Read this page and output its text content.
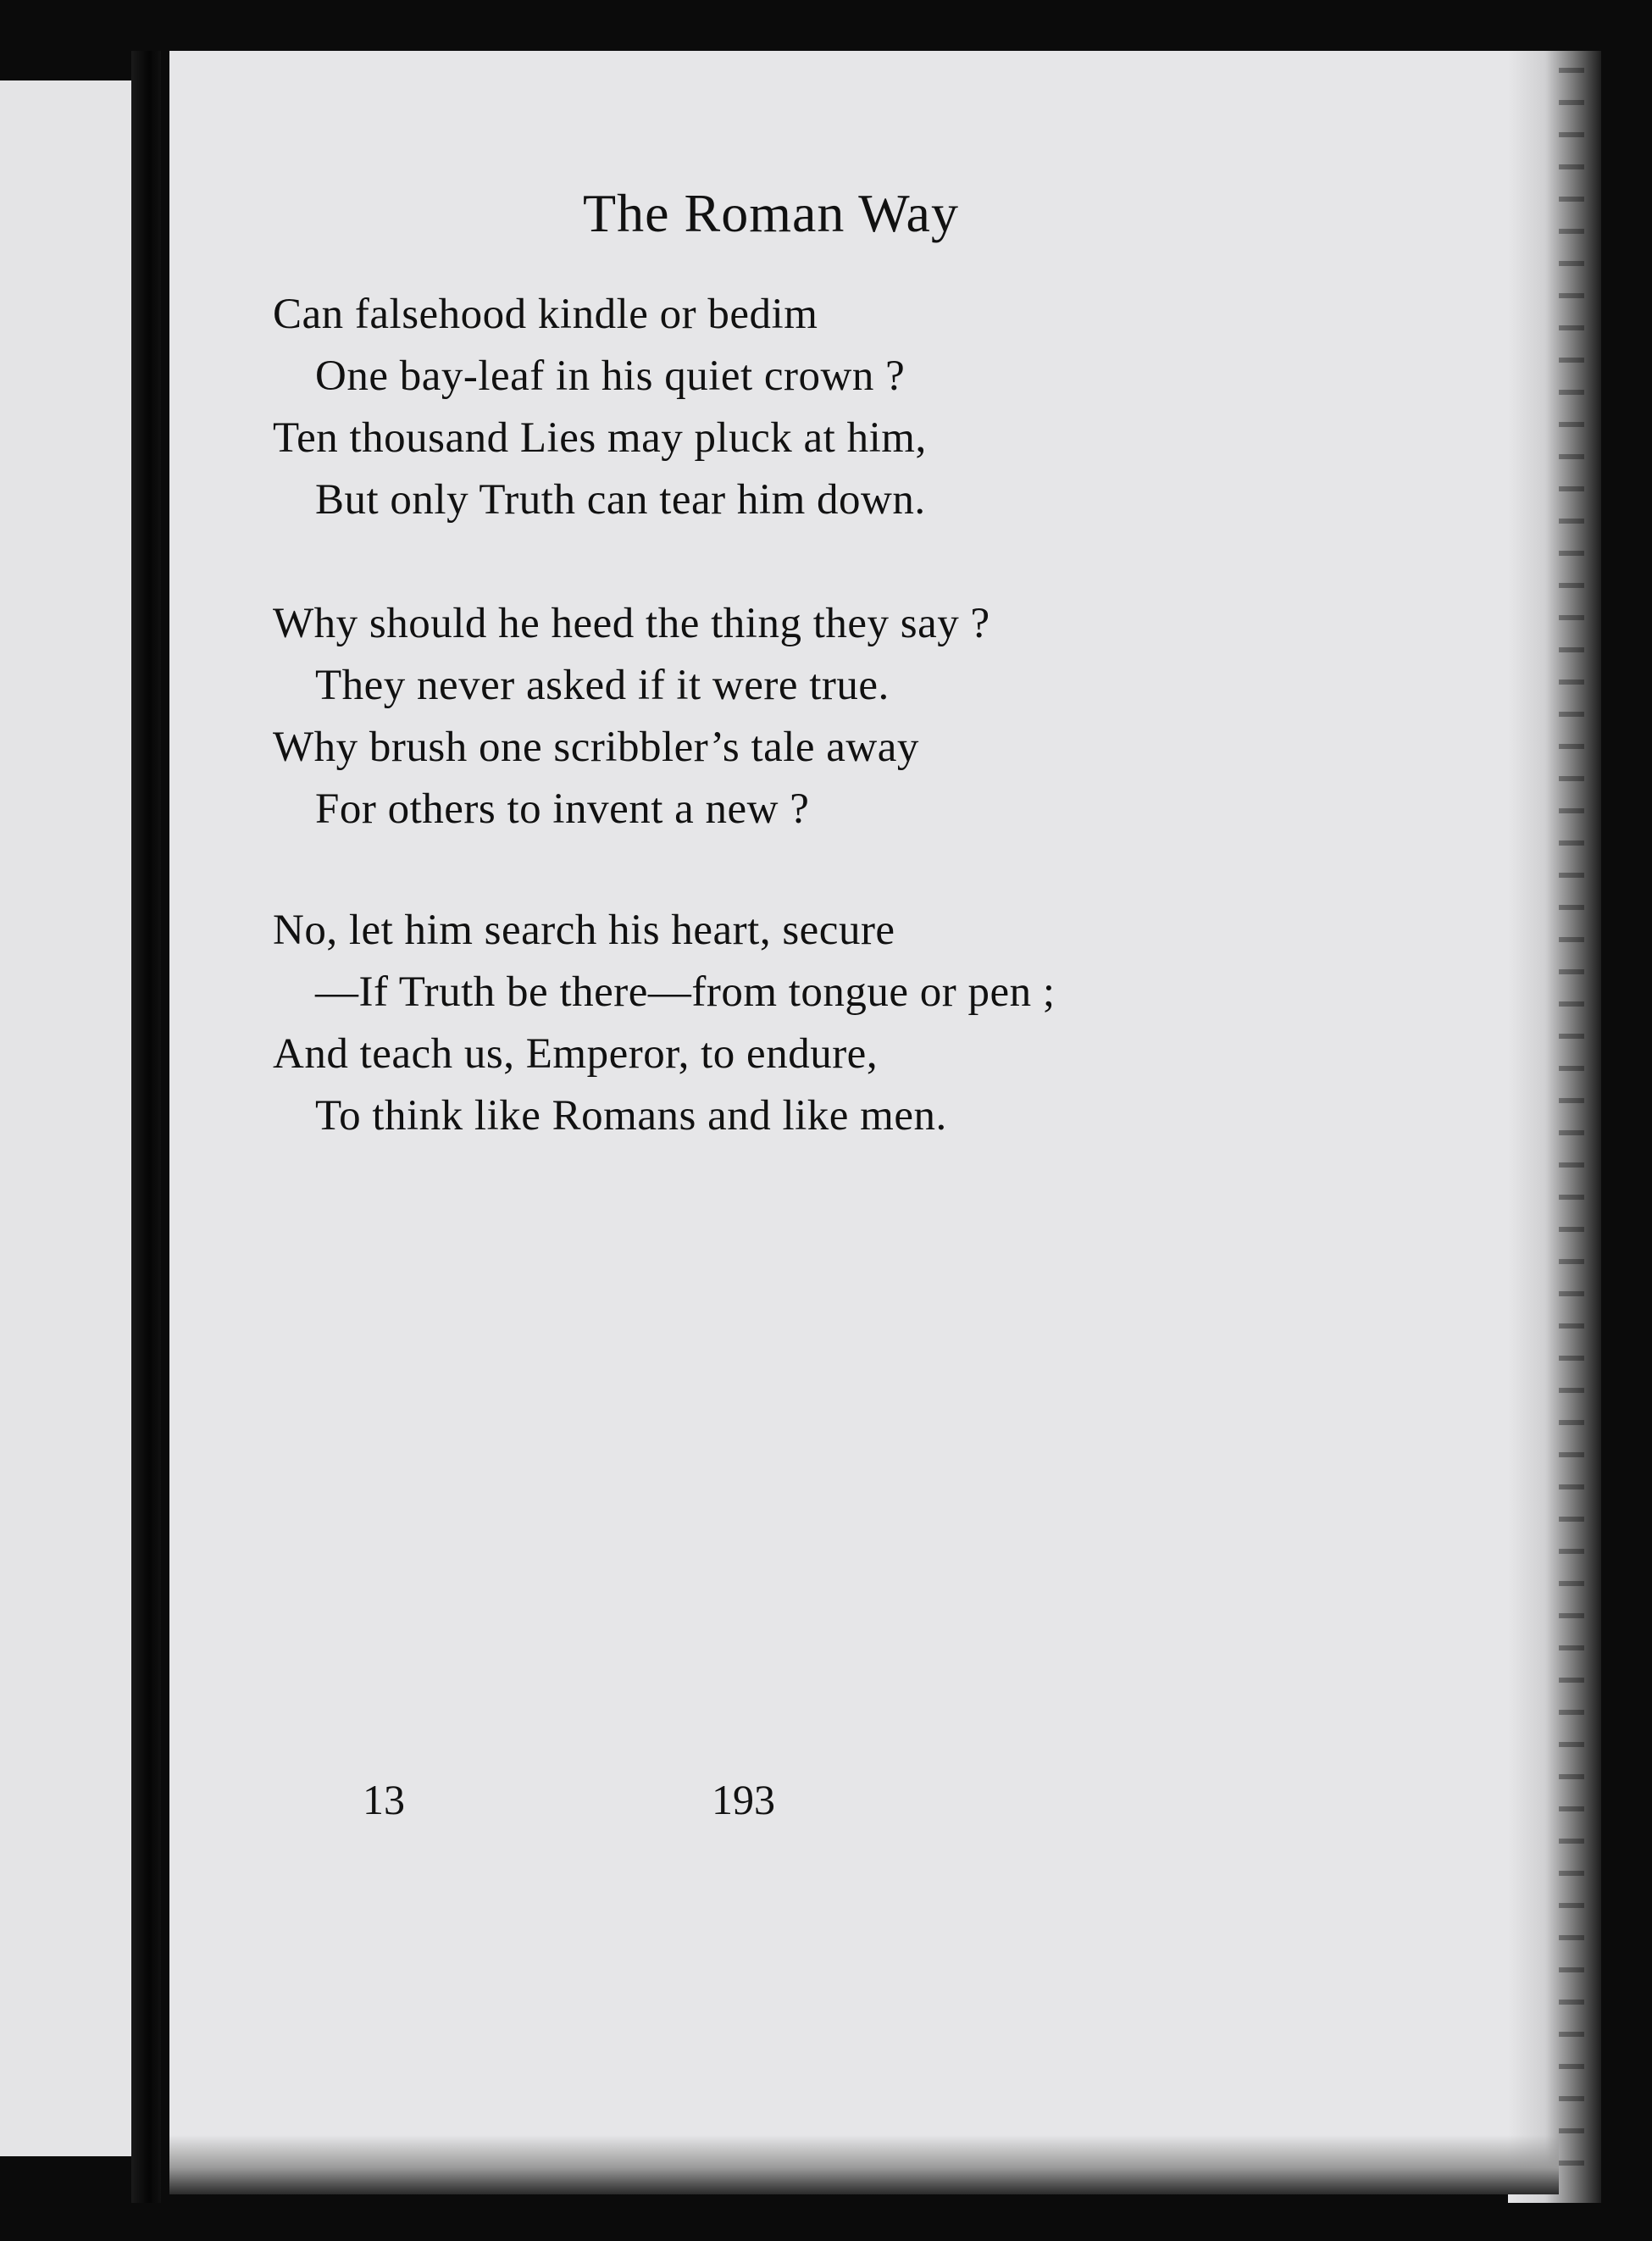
The Roman Way
Can falsehood kindle or bedim
One bay-leaf in his quiet crown ?
Ten thousand Lies may pluck at him,
But only Truth can tear him down.
Why should he heed the thing they say ?
They never asked if it were true.
Why brush one scribbler’s tale away
For others to invent a new ?
No, let him search his heart, secure
—If Truth be there—from tongue or pen ;
And teach us, Emperor, to endure,
To think like Romans and like men.
13	193
